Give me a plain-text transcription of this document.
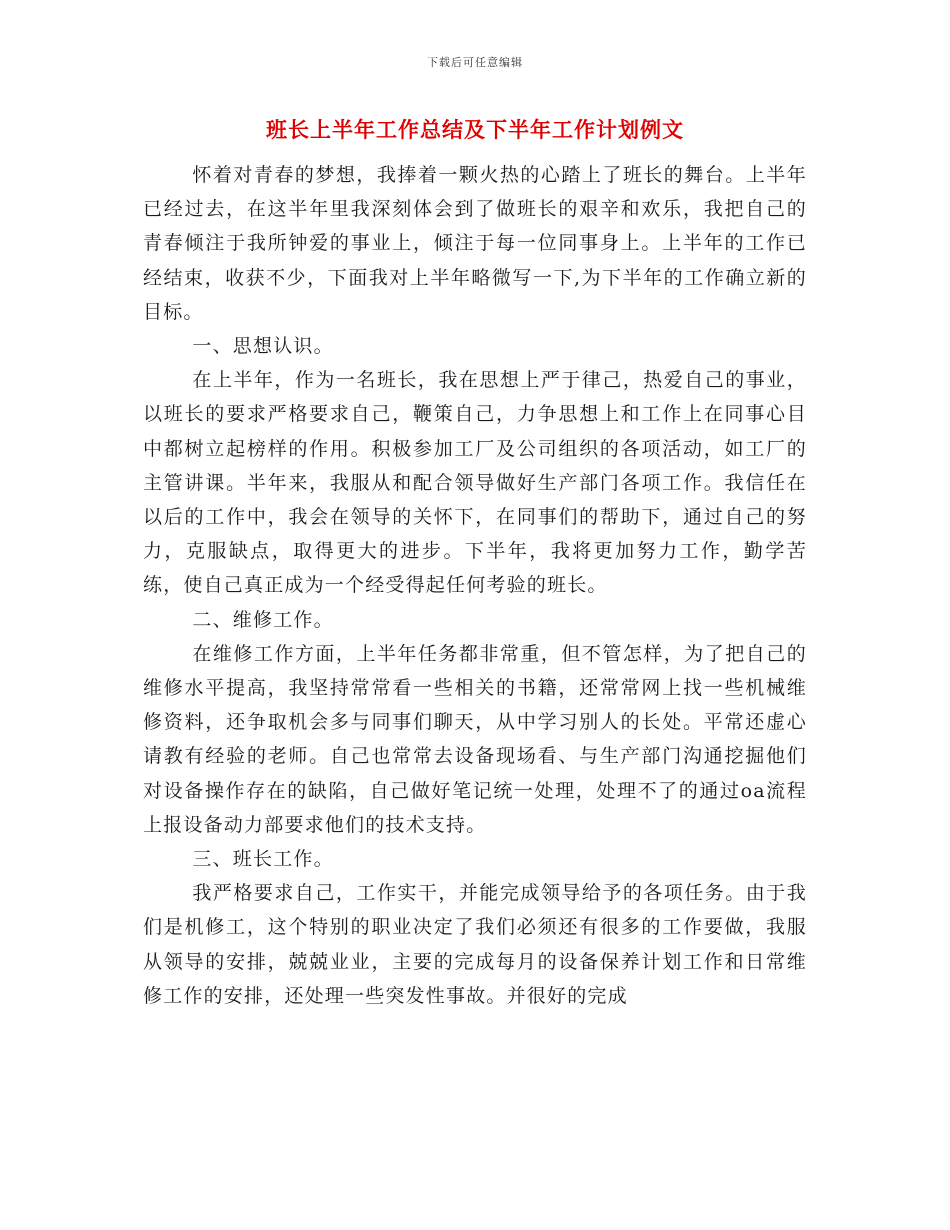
下载后可任意编辑
班长上半年工作总结及下半年工作计划例文

怀着对青春的梦想，我捧着一颗火热的心踏上了班长的舞台。上半年已经过去，在这半年里我深刻体会到了做班长的艰辛和欢乐，我把自己的青春倾注于我所钟爱的事业上，倾注于每一位同事身上。上半年的工作已经结束，收获不少，下面我对上半年略微写一下,为下半年的工作确立新的目标。

一、思想认识。

在上半年，作为一名班长，我在思想上严于律己，热爱自己的事业，以班长的要求严格要求自己，鞭策自己，力争思想上和工作上在同事心目中都树立起榜样的作用。积极参加工厂及公司组织的各项活动，如工厂的主管讲课。半年来，我服从和配合领导做好生产部门各项工作。我信任在以后的工作中，我会在领导的关怀下，在同事们的帮助下，通过自己的努力，克服缺点，取得更大的进步。下半年，我将更加努力工作，勤学苦练，使自己真正成为一个经受得起任何考验的班长。

二、维修工作。

在维修工作方面，上半年任务都非常重，但不管怎样，为了把自己的维修水平提高，我坚持常常看一些相关的书籍，还常常网上找一些机械维修资料，还争取机会多与同事们聊天，从中学习别人的长处。平常还虚心请教有经验的老师。自己也常常去设备现场看、与生产部门沟通挖掘他们对设备操作存在的缺陷，自己做好笔记统一处理，处理不了的通过oa流程上报设备动力部要求他们的技术支持。

三、班长工作。

我严格要求自己，工作实干，并能完成领导给予的各项任务。由于我们是机修工，这个特别的职业决定了我们必须还有很多的工作要做，我服从领导的安排，兢兢业业，主要的完成每月的设备保养计划工作和日常维修工作的安排，还处理一些突发性事故。并很好的完成
